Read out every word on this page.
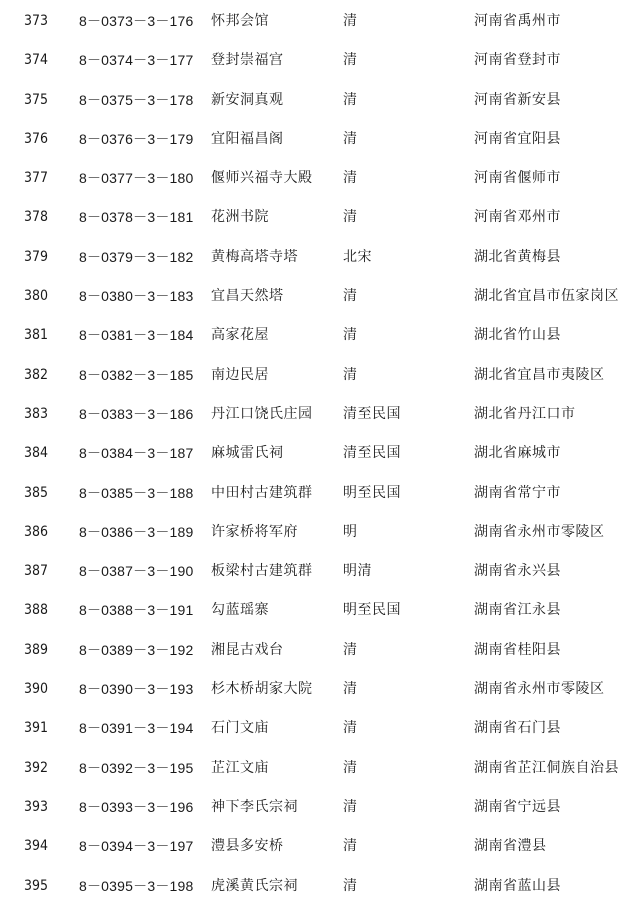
373 8－0373－3－176 怀邦会馆	清	河南省禹州市
374 8－0374－3－177 登封崇福宫	清	河南省登封市
375 8－0375－3－178 新安洞真观	清	河南省新安县
376 8－0376－3－179 宜阳福昌阁	清	河南省宜阳县
377 8－0377－3－180 偃师兴福寺大殿 清	河南省偃师市
378 8－0378－3－181 花洲书院	清	河南省邓州市
379 8－0379－3－182 黄梅高塔寺塔	北宋	湖北省黄梅县
380 8－0380－3－183 宜昌天然塔	清	湖北省宜昌市伍家岗区
381 8－0381－3－184 高家花屋	清	湖北省竹山县
382 8－0382－3－185 南边民居	清	湖北省宜昌市夷陵区
383 8－0383－3－186 丹江口饶氏庄园 清至民国	湖北省丹江口市
384 8－0384－3－187 麻城雷氏祠	清至民国	湖北省麻城市
385 8－0385－3－188 中田村古建筑群 明至民国	湖南省常宁市
386 8－0386－3－189 许家桥将军府	明	湖南省永州市零陵区
387 8－0387－3－190 板梁村古建筑群 明清	湖南省永兴县
388 8－0388－3－191 勾蓝瑶寨	明至民国	湖南省江永县
389 8－0389－3－192 湘昆古戏台	清	湖南省桂阳县
390 8－0390－3－193 杉木桥胡家大院 清	湖南省永州市零陵区
391 8－0391－3－194 石门文庙	清	湖南省石门县
392 8－0392－3－195 芷江文庙	清	湖南省芷江侗族自治县
393 8－0393－3－196 神下李氏宗祠	清	湖南省宁远县
394 8－0394－3－197 澧县多安桥	清	湖南省澧县
395 8－0395－3－198 虎溪黄氏宗祠	清	湖南省蓝山县
